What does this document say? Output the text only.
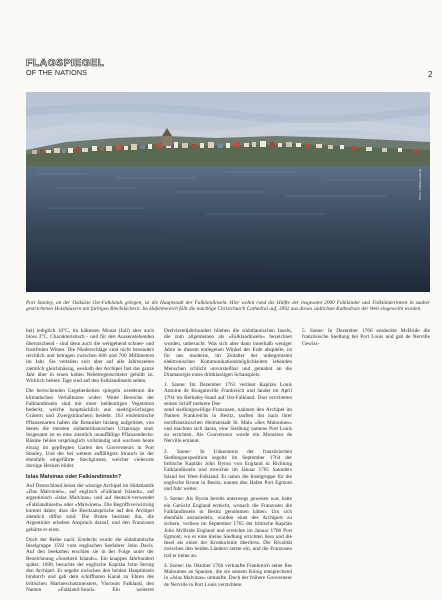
FLAGSPIEGEL
OF THE NATIONS	2
Photo: Falkland Islands
Port Stanley, an der Ostküste Ost-Falklands gelegen, ist die Hauptstadt der Falklandinseln. Hier wohnt rund die Hälfte der insgesamt 2000 Falkländer und Falkländerinnen in sauber gestrichenen Holzhäusern mit farbigen Blechdächern. Im Hafenbereich fällt die mächtige Christchurch Cathedral auf, 1892 aus dieses südlichste Kathedrale der Welt eingeweiht worden.

bei) lediglich 10°C, im kältesten Monat (Juli) aber auch bloss 3°C. Charakteristisch - und für den Aussenstehenden überraschend - sind denn auch die weitgehend schnee- und frostfreien Winter. Die Niederschläge sind nicht besonders reichlich und betragen zwischen 600 und 700 Millimetern im Jahr. Sie verteilen sich aber auf alle Jahreszeiten ziemlich gleichmässig, weshalb der Archipel fast das ganze Jahr über in einen kalten Nebelregenschleier gehüllt ist. Wirklich heitere Tage sind auf den Falklandinseln selten.

Die herrschenden Gegebenheiten spiegeln wiederum die klimatischen Verhältnisse wider: Weite Bereiche der Falklandinseln sind mit einer heideartigen Vegetation bedeckt, welche hauptsächlich aus niedrigwüchsigen Gräsern und Zwergsträuchern besteht. 163 einheimische Pflanzenarten haben die Botaniker bislang aufgelistet, von denen die meisten südamerikanischen Ursprungs sind. Insgesamt ist es eine ziemlich unauffällige Pflanzendecke. Bäume fehlen ursprünglich vollständig und wachsen heute einzig im gepflegten Garten des Gouverneurs in Port Stanley. Und der bei weitem auffälligste Strauch ist der ebenfalls eingeführte Stechginster, welcher vielerorts dornige Hecken bildet.

Islas Malvinas oder Falklandinseln?

Auf Deutschland heisst der winzige Archipel im Südatlantik «Das Malvinien», auf englisch «Falkland Islands», auf argentinisch «Islas Malvinas» und auf deutsch-verwendet «Falklandinseln» oder «Malwinen». Die Begriffsverwirrung kommt daher, dass die Besitzansprüche auf den Archipel ziemlich diffus sind: Die Briten besitzen ihn, die Argentinier erheben Anspruch darauf, und den Franzosen gehörte er einst.

Doch der Reihe nach: Entdeckt wurde die südatlantische Inselgruppe 1592 vom englischen Seefahrer John Davis. Auf den Seekarten erschien sie in der Folge unter der Bezeichnung «Southern Islands». Ein knappes Jahrhundert später, 1690, besuchte der englische Kapitän John Strong den Archipel. Er segelte zwischen den beiden Hauptinseln hindurch und gab dem schiffbaren Kanal zu Ehren des britischen Marineschatzmeisters, Viscount Falkland, den Namen «Falkland-Sund». Ein weiteres Dreivierteljahrhundert blieben die südatlantischen Inseln, die zum allgemeinen als «Falklandinseln» bezeichnet wurden, unbesucht. Was sich aber dann innerhalb weniger Jahre in diesem entlegenen Winkel der Erde abspielte, ist für uns moderne, im Zeitalter der unbegrenzten elektronischen Kommunikationsmöglichkeiten lebenden Menschen schlicht unvorstellbar und gemahnt an die Dramaturgie eines drittklassigen Schauspiels:

1. Szene: Im Dezember 1763 verlässt Kapitän Louis Antoine de Bougainville Frankreich und landet im April 1764 im Berkeley-Sund auf Ost-Falkland. Dort errichteten seinen Schiff mehrere Dut-

zend siedlungswillige Franzosen, nahmen den Archipel im Namen Frankreichs in Besitz, tauften ihn nach ihrer nordfranzösischen Heimatstadt St. Malo «Iles Malouines» und machten sich daran, eine Siedlung namens Port Louis zu errichten. Als Gouverneur wurde ein Monsieur de Nerville ernannt.

2. Szene: In Unkenntnis der französischen Siedlungsexpedition segelte im September 1764 der britische Kapitän John Byron von England in Richtung Falklandinseln und erreichte im Januar 1765 Saunders Island bei West-Falkland. Er nahm die Inselgruppe für die englische Krone in Besitz, nannte den Hafen Port Egmont und fuhr weiter.

3. Szene: Als Byron bereits unterwegs gewesen war, hatte ein Gerücht England erreicht, wonach die Franzosen die Falklandinseln in Besitz genommen hätten. Um sich ebenfalls anzusiedeln, wurden einst des Archipels zu sichern, verliess im September 1765 der britische Kapitän John McBride England und erreichte im Januar 1766 Port Egmont, wo er eine kleine Siedlung errichten liess und die Insel als einen der Kronkolonie überliess. Die Rivalität zwischen den beiden Ländern setzte ein, und die Franzosen traf er keine an.

4. Szene: Im Oktober 1766 verkaufte Frankreich seine Iles Malouines an Spanien, die sie seinem König entsprechend in «Islas Malvinas» umtaufte. Doch der frühere Gouverneur de Nerville in Port Louis verzichtete.

5. Szene: In Dezember 1766 entdeckte McBride die französische Siedlung bei Port Louis und gab de Nerville Gewiss-
